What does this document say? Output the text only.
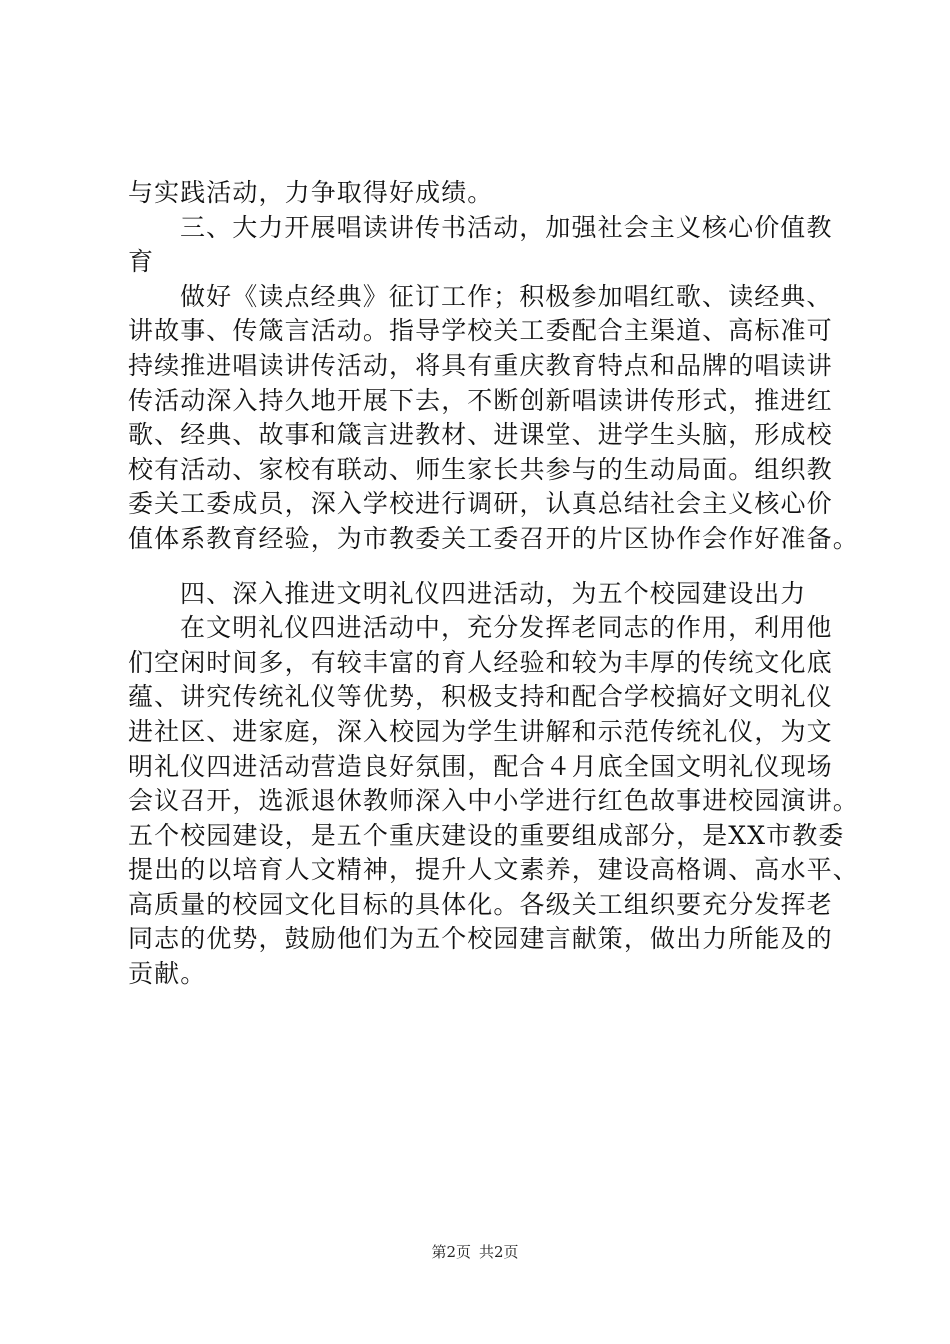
与实践活动，力争取得好成绩。
三、大力开展唱读讲传书活动，加强社会主义核心价值教
育
做好《读点经典》征订工作；积极参加唱红歌、读经典、
讲故事、传箴言活动。指导学校关工委配合主渠道、高标准可
持续推进唱读讲传活动，将具有重庆教育特点和品牌的唱读讲
传活动深入持久地开展下去，不断创新唱读讲传形式，推进红
歌、经典、故事和箴言进教材、进课堂、进学生头脑，形成校
校有活动、家校有联动、师生家长共参与的生动局面。组织教
委关工委成员，深入学校进行调研，认真总结社会主义核心价
值体系教育经验，为市教委关工委召开的片区协作会作好准备。
四、深入推进文明礼仪四进活动，为五个校园建设出力
在文明礼仪四进活动中，充分发挥老同志的作用，利用他
们空闲时间多，有较丰富的育人经验和较为丰厚的传统文化底
蕴、讲究传统礼仪等优势，积极支持和配合学校搞好文明礼仪
进社区、进家庭，深入校园为学生讲解和示范传统礼仪，为文
明礼仪四进活动营造良好氛围，配合４月底全国文明礼仪现场
会议召开，选派退休教师深入中小学进行红色故事进校园演讲。
五个校园建设，是五个重庆建设的重要组成部分，是XX市教委
提出的以培育人文精神，提升人文素养，建设高格调、高水平、
高质量的校园文化目标的具体化。各级关工组织要充分发挥老
同志的优势，鼓励他们为五个校园建言献策，做出力所能及的
贡献。
第2页 共2页
